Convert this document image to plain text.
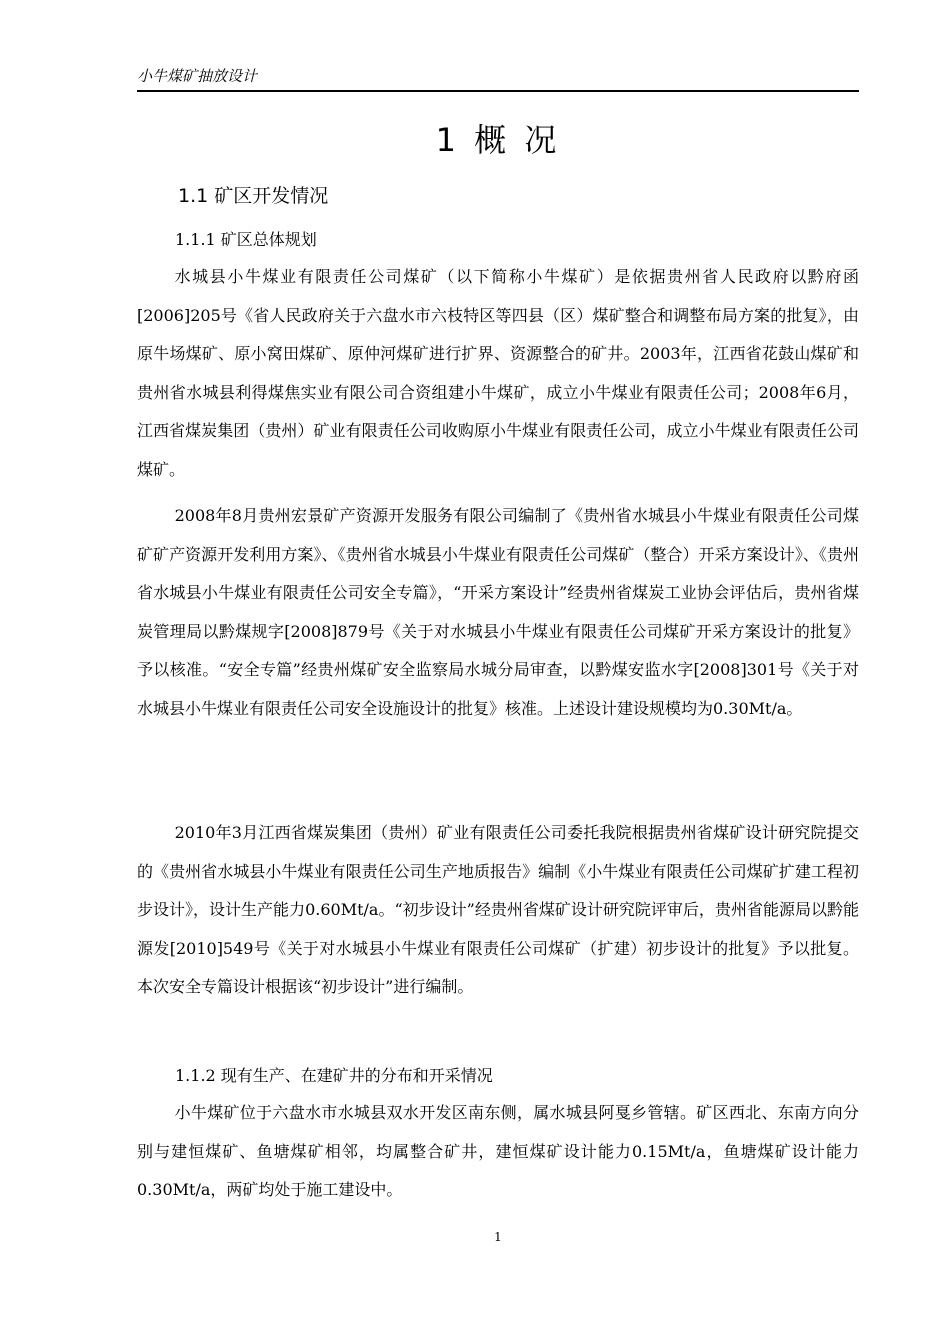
小牛煤矿抽放设计
1 概 况
1.1 矿区开发情况
1.1.1 矿区总体规划

水城县小牛煤业有限责任公司煤矿（以下简称小牛煤矿）是依据贵州省人民政府以黔府函[2006]205号《省人民政府关于六盘水市六枝特区等四县（区）煤矿整合和调整布局方案的批复》，由原牛场煤矿、原小窝田煤矿、原仲河煤矿进行扩界、资源整合的矿井。2003年，江西省花鼓山煤矿和贵州省水城县利得煤焦实业有限公司合资组建小牛煤矿，成立小牛煤业有限责任公司；2008年6月，江西省煤炭集团（贵州）矿业有限责任公司收购原小牛煤业有限责任公司，成立小牛煤业有限责任公司煤矿。

2008年8月贵州宏景矿产资源开发服务有限公司编制了《贵州省水城县小牛煤业有限责任公司煤矿矿产资源开发利用方案》、《贵州省水城县小牛煤业有限责任公司煤矿（整合）开采方案设计》、《贵州省水城县小牛煤业有限责任公司安全专篇》，“开采方案设计”经贵州省煤炭工业协会评估后，贵州省煤炭管理局以黔煤规字[2008]879号《关于对水城县小牛煤业有限责任公司煤矿开采方案设计的批复》予以核准。“安全专篇”经贵州煤矿安全监察局水城分局审查，以黔煤安监水字[2008]301号《关于对水城县小牛煤业有限责任公司安全设施设计的批复》核准。上述设计建设规模均为0.30Mt/a。

2010年3月江西省煤炭集团（贵州）矿业有限责任公司委托我院根据贵州省煤矿设计研究院提交的《贵州省水城县小牛煤业有限责任公司生产地质报告》编制《小牛煤业有限责任公司煤矿扩建工程初步设计》，设计生产能力0.60Mt/a。“初步设计”经贵州省煤矿设计研究院评审后，贵州省能源局以黔能源发[2010]549号《关于对水城县小牛煤业有限责任公司煤矿（扩建）初步设计的批复》予以批复。本次安全专篇设计根据该“初步设计”进行编制。

1.1.2 现有生产、在建矿井的分布和开采情况

小牛煤矿位于六盘水市水城县双水开发区南东侧，属水城县阿戛乡管辖。矿区西北、东南方向分别与建恒煤矿、鱼塘煤矿相邻，均属整合矿井，建恒煤矿设计能力0.15Mt/a，鱼塘煤矿设计能力0.30Mt/a，两矿均处于施工建设中。

1
